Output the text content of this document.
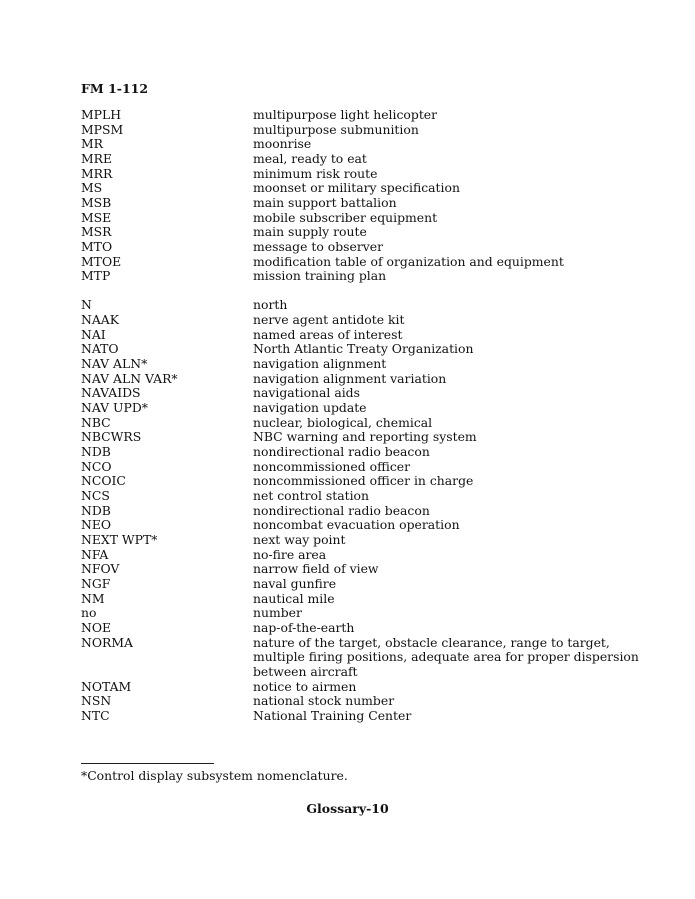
FM 1-112
MPLH	multipurpose light helicopter
MPSM	multipurpose submunition
MR	moonrise
MRE	meal, ready to eat
MRR	minimum risk route
MS	moonset or military specification
MSB	main support battalion
MSE	mobile subscriber equipment
MSR	main supply route
MTO	message to observer
MTOE	modification table of organization and equipment
MTP	mission training plan
N	north
NAAK	nerve agent antidote kit
NAI	named areas of interest
NATO	North Atlantic Treaty Organization
NAV ALN*	navigation alignment
NAV ALN VAR*	navigation alignment variation
NAVAIDS	navigational aids
NAV UPD*	navigation update
NBC	nuclear, biological, chemical
NBCWRS	NBC warning and reporting system
NDB	nondirectional radio beacon
NCO	noncommissioned officer
NCOIC	noncommissioned officer in charge
NCS	net control station
NDB	nondirectional radio beacon
NEO	noncombat evacuation operation
NEXT WPT*	next way point
NFA	no-fire area
NFOV	narrow field of view
NGF	naval gunfire
NM	nautical mile
no	number
NOE	nap-of-the-earth
NORMA	nature of the target, obstacle clearance, range to target,
multiple firing positions, adequate area for proper dispersion
between aircraft
NOTAM	notice to airmen
NSN	national stock number
NTC	National Training Center
*Control display subsystem nomenclature.
Glossary-10
